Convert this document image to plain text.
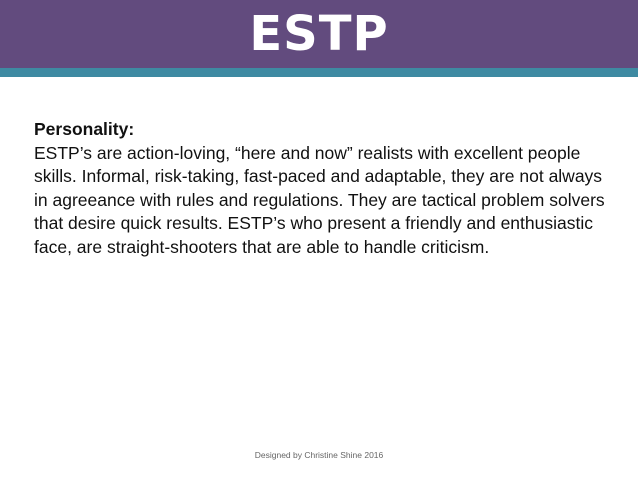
ESTP
Personality:
ESTP’s are action-loving, “here and now” realists with excellent people skills. Informal, risk-taking, fast-paced and adaptable, they are not always in agreeance with rules and regulations. They are tactical problem solvers that desire quick results. ESTP’s who present a friendly and enthusiastic face, are straight-shooters that are able to handle criticism.
Designed by Christine Shine 2016
